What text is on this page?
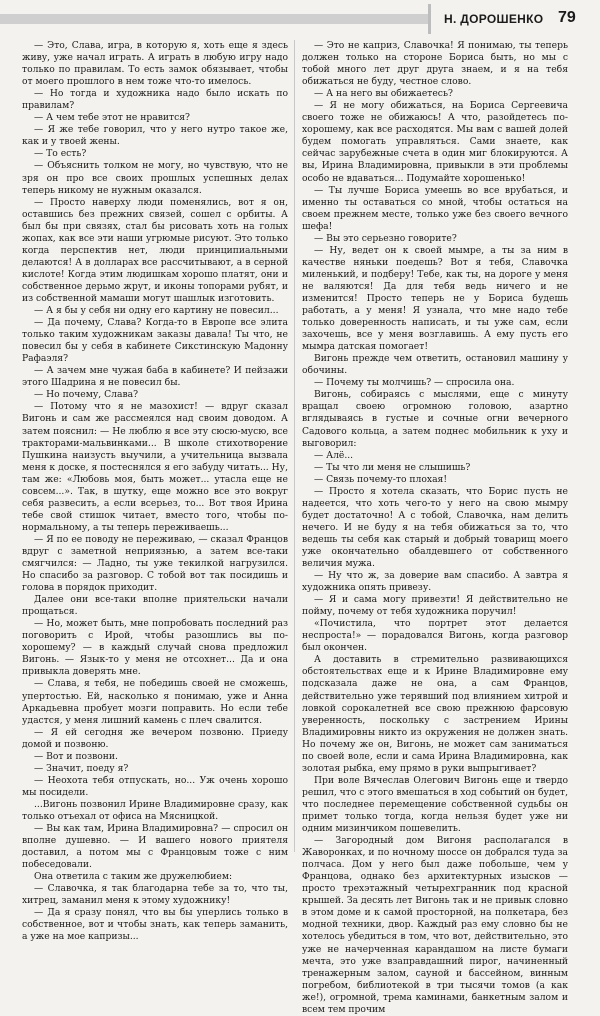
Н. ДОРОШЕНКО 79

— Это, Слава, игра, в которую я, хоть еще я здесь живу, уже начал играть. А играть в любую игру надо только по правилам. То есть замок обязывает, чтобы от моего прошлого в нем тоже что-то имелось.

— Но тогда и художника надо было искать по правилам?

— А чем тебе этот не нравится?

— Я же тебе говорил, что у него нутро такое же, как и у твоей жены.

— То есть?

— Объяснить толком не могу, но чувствую, что не зря он про все своих прошлых успешных делах теперь никому не нужным оказался.

— Просто наверху люди поменялись, вот я он, оставшись без прежних связей, сошел с орбиты. А был бы при связях, стал бы рисовать хоть на голых жопах, как все эти наши угрюмые рисуют. Это только когда перспектив нет, люди принципиальными делаются! А в долларах все рассчитывают, а в серной кислоте! Когда этим людишкам хорошо платят, они и собственное дерьмо жрут, и иконы топорами рубят, и из собственной мамаши могут шашлык изготовить.

— А я бы у себя ни одну его картину не повесил...

— Да почему, Слава? Когда-то в Европе все элита только таким художникам заказы давала! Ты что, не повесил бы у себя в кабинете Сикстинскую Мадонну Рафаэля?

— А зачем мне чужая баба в кабинете? И пейзажи этого Шадрина я не повесил бы.

— Но почему, Слава?

— Потому что я не мазохист! — вдруг сказал Вигонь и сам же рассмеялся над своим доводом. А затем пояснил: — Не люблю я все эту сюсю-мусю, все тракторами-мальвинками... В школе стихотворение Пушкина наизусть выучили, а учительница вызвала меня к доске, я постеснялся я его забуду читать... Ну, там же: «Любовь моя, быть может... утасла еще не совсем...». Так, в шутку, еще можно все это вокруг себя развесить, а если всерьез, то... Вот твоя Ирина тебе свой стишок читает, вместо того, чтобы по-нормальному, а ты теперь переживаешь...

— Я по ее поводу не переживаю, — сказал Францов вдруг с заметной неприязнью, а затем все-таки смягчился: — Ладно, ты уже текилкой нагрузился. Но спасибо за разговор. С тобой вот так посидишь и голова в порядок приходит.

Далее они все-таки вполне приятельски начали прощаться.

— Но, может быть, мне попробовать последний раз поговорить с Ирой, чтобы разошлись вы по-хорошему? — в каждый случай снова предложил Вигонь. — Язык-то у меня не отсохнет... Да и она привыкла доверять мне.

— Слава, я тебя, не победишь своей не сможешь, упертостью. Ей, насколько я понимаю, уже и Анна Аркадьевна пробует мозги поправить. Но если тебе удастся, у меня лишний камень с плеч свалится.

— Я ей сегодня же вечером позвоню. Приеду домой и позвоню.

— Вот и позвони.

— Значит, поеду я?

— Неохота тебя отпускать, но... Уж очень хорошо мы посидели.

...Вигонь позвонил Ирине Владимировне сразу, как только отъехал от офиса на Мясницкой.

— Вы как там, Ирина Владимировна? — спросил он вполне душевно. — И вашего нового приятеля доставил, а потом мы с Францовым тоже с ним побеседовали.

Она ответила с таким же дружелюбием:

— Славочка, я так благодарна тебе за то, что ты, хитрец, заманил меня к этому художнику!

— Да я сразу понял, что вы бы уперлись только в собственное, вот и чтобы знать, как теперь заманить, а уже на мое капризы...

— Это не каприз, Славочка! Я понимаю, ты теперь должен только на стороне Бориса быть, но мы с тобой много лет друг друга знаем, и я на тебя обижаться не буду, честное слово.

— А на него вы обижаетесь?

— Я не могу обижаться, на Бориса Сергеевича своего тоже не обижаюсь! А что, разойдетесь по-хорошему, как все расходятся. Мы вам с вашей долей будем помогать управляться. Сами знаете, как сейчас зарубежные счета в один миг блокируются. А вы, Ирина Владимировна, привыкли в эти проблемы особо не вдаваться... Подумайте хорошенько!

— Ты лучше Бориса умеешь во все врубаться, и именно ты оставаться со мной, чтобы остаться на своем прежнем месте, только уже без своего вечного шефа!

— Вы это серьезно говорите?

— Ну, ведет он к своей мымре, а ты за ним в качестве няньки поедешь? Вот я тебя, Славочка миленький, и подберу! Тебе, как ты, на дороге у меня не валяются! Да для тебя ведь ничего и не изменится! Просто теперь не у Бориса будешь работать, а у меня! Я узнала, что мне надо тебе только доверенность написать, и ты уже сам, если захочешь, все у меня возглавишь. А ему пусть его мымра датская помогает!

Вигонь прежде чем ответить, остановил машину у обочины.

— Почему ты молчишь? — спросила она.

Вигонь, собираясь с мыслями, еще с минуту вращал своею огромною головою, азартно вглядываясь в густые и сочные огни вечерного Садового кольца, а затем поднес мобильник к уху и выговорил:

— Алё...

— Ты что ли меня не слышишь?

— Связь почему-то плохая!

— Просто я хотела сказать, что Борис пусть не надеется, что хоть чего-то у него на свою мымру будет достаточно! А с тобой, Славочка, нам делить нечего. И не буду я на тебя обижаться за то, что ведешь ты себя как старый и добрый товарищ моего уже окончательно обалдевшего от собственного величия мужа.

— Ну что ж, за доверие вам спасибо. А завтра я художника опять привезу.

— Я и сама могу привезти! Я действительно не пойму, почему от тебя художника поручил!

«Почистила, что портрет этот делается неспроста!» — порадовался Вигонь, когда разговор был окончен.

А доставить в стремительно развивающихся обстоятельствах еще и к Ирине Владимировне ему подсказала даже не она, а сам Францов, действительно уже терявший под влиянием хитрой и ловкой сорокалетней все свою прежнюю фарсовую уверенность, поскольку с застрением Ирины Владимировны никто из окружения не должен знать. Но почему же он, Вигонь, не может сам заниматься по своей воле, если и сама Ирина Владимировна, как золотая рыбка, ему прямо в руки выпрыгивает?

При воле Вячеслав Олегович Вигонь еще и твердо решил, что с этого вмешаться в ход событий он будет, что последнее перемещение собственной судьбы он примет только тогда, когда нельзя будет уже ни одним мизинчиком пошевелить.

— Загородный дом Вигоня располагался в Жаворонках, и по ночному шоссе он добрался туда за полчаса. Дом у него был даже побольше, чем у Францова, однако без архитектурных изысков — просто трехэтажный четырехгранник под красной крышей. За десять лет Вигонь так и не привык словно в этом доме и к самой просторной, на полкетара, без модной техники, двор. Каждый раз ему словно бы не хотелось убедиться в том, что вот, действительно, это уже не начерченная карандашом на листе бумаги мечта, это уже взаправдашний пирог, начиненный тренажерным залом, сауной и бассейном, винным погребом, библиотекой в три тысячи томов (а как же!), огромной, трема каминами, банкетным залом и всем тем прочим
